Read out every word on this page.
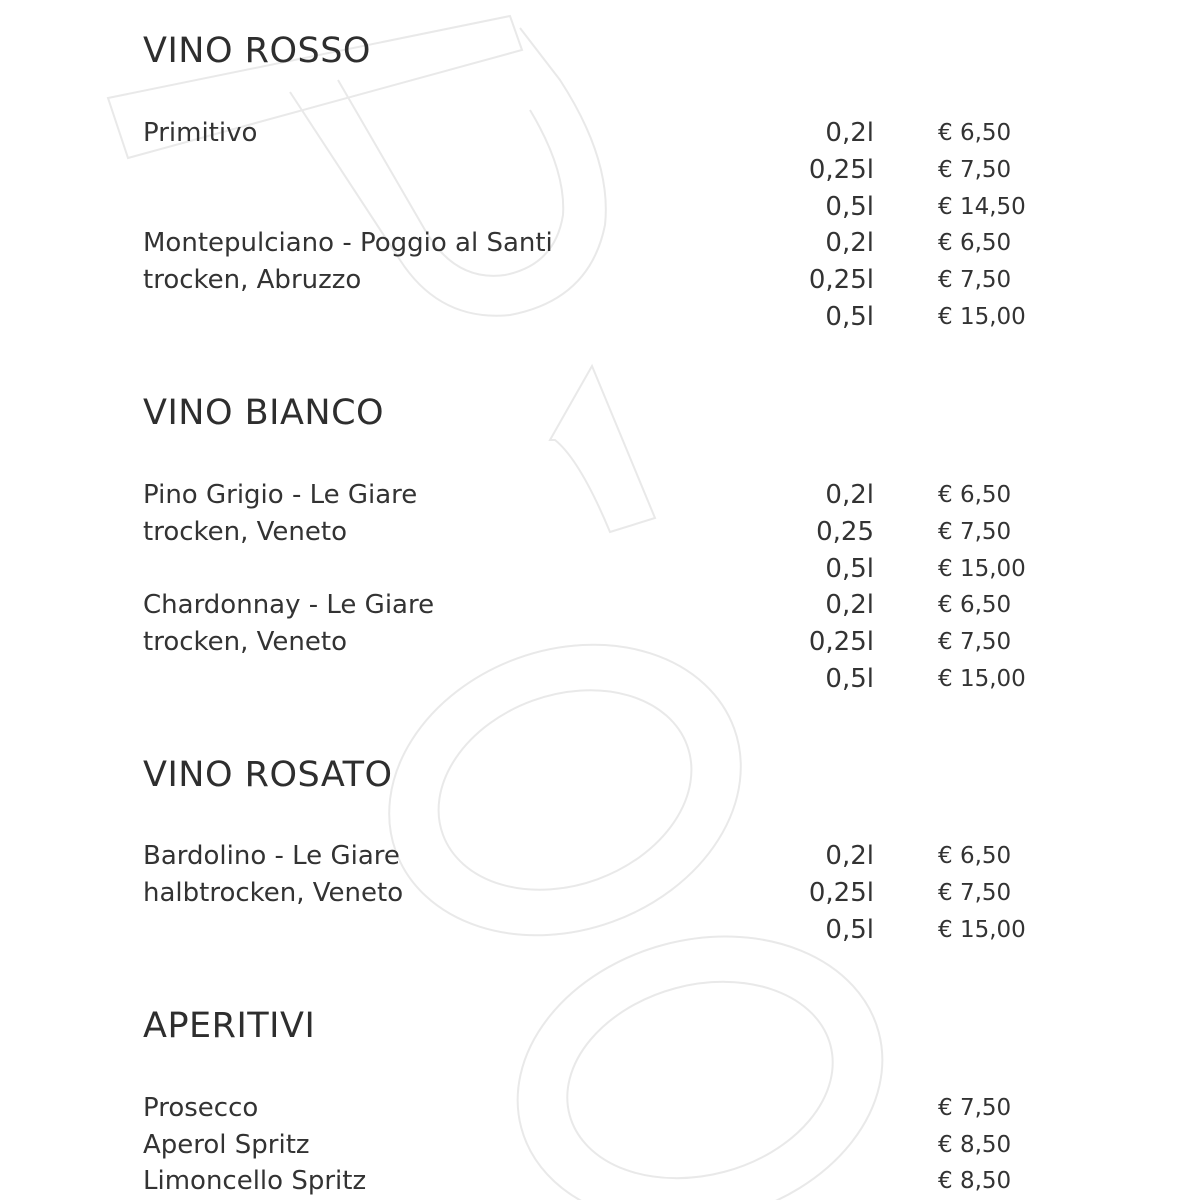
VINO ROSSO
Primitivo	0,2l	€ 6,50
0,25l	€ 7,50
0,5l	€ 14,50
Montepulciano - Poggio al Santi	0,2l	€ 6,50
trocken, Abruzzo	0,25l	€ 7,50
0,5l	€ 15,00
VINO BIANCO
Pino Grigio - Le Giare	0,2l	€ 6,50
trocken, Veneto	0,25	€ 7,50
0,5l	€ 15,00
Chardonnay - Le Giare	0,2l	€ 6,50
trocken, Veneto	0,25l	€ 7,50
0,5l	€ 15,00
VINO ROSATO
Bardolino - Le Giare	0,2l	€ 6,50
halbtrocken, Veneto	0,25l	€ 7,50
0,5l	€ 15,00
APERITIVI
Prosecco	€ 7,50
Aperol Spritz	€ 8,50
Limoncello Spritz	€ 8,50
